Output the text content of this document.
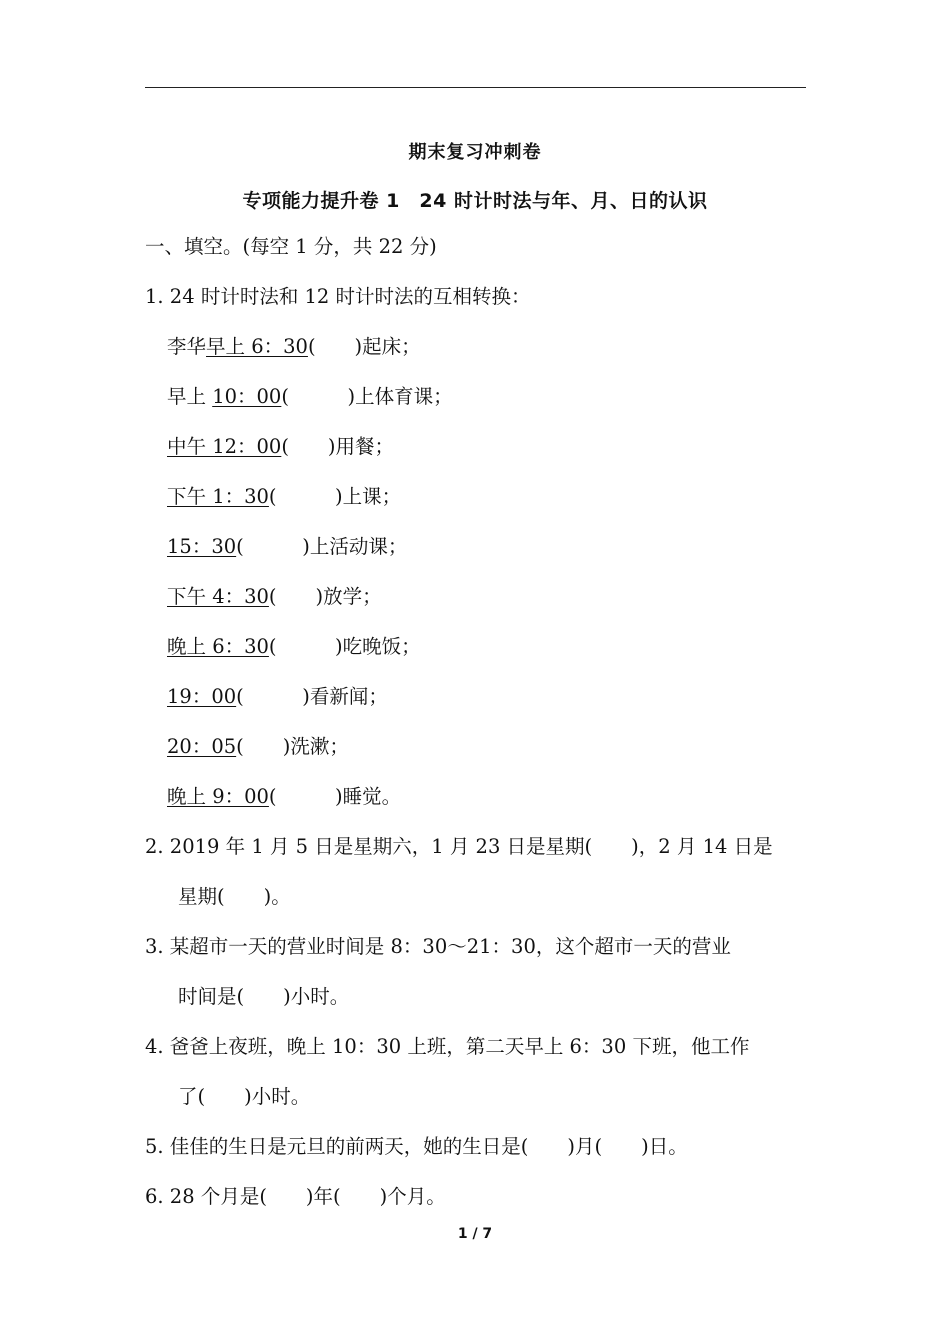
期末复习冲刺卷
专项能力提升卷 1　24 时计时法与年、月、日的认识
一、填空。(每空 1 分，共 22 分)
1. 24 时计时法和 12 时计时法的互相转换：
李华早上 6：30(　　)起床；
早上 10：00(　　　)上体育课；
中午 12：00(　　)用餐；
下午 1：30(　　　)上课；
15：30(　　　)上活动课；
下午 4：30(　　)放学；
晚上 6：30(　　　)吃晚饭；
19：00(　　　)看新闻；
20：05(　　)洗漱；
晚上 9：00(　　　)睡觉。
2. 2019 年 1 月 5 日是星期六，1 月 23 日是星期(　　)，2 月 14 日是
星期(　　)。
3. 某超市一天的营业时间是 8：30～21：30，这个超市一天的营业
时间是(　　)小时。
4. 爸爸上夜班，晚上 10：30 上班，第二天早上 6：30 下班，他工作
了(　　)小时。
5. 佳佳的生日是元旦的前两天，她的生日是(　　)月(　　)日。
6. 28 个月是(　　)年(　　)个月。
1 / 7
